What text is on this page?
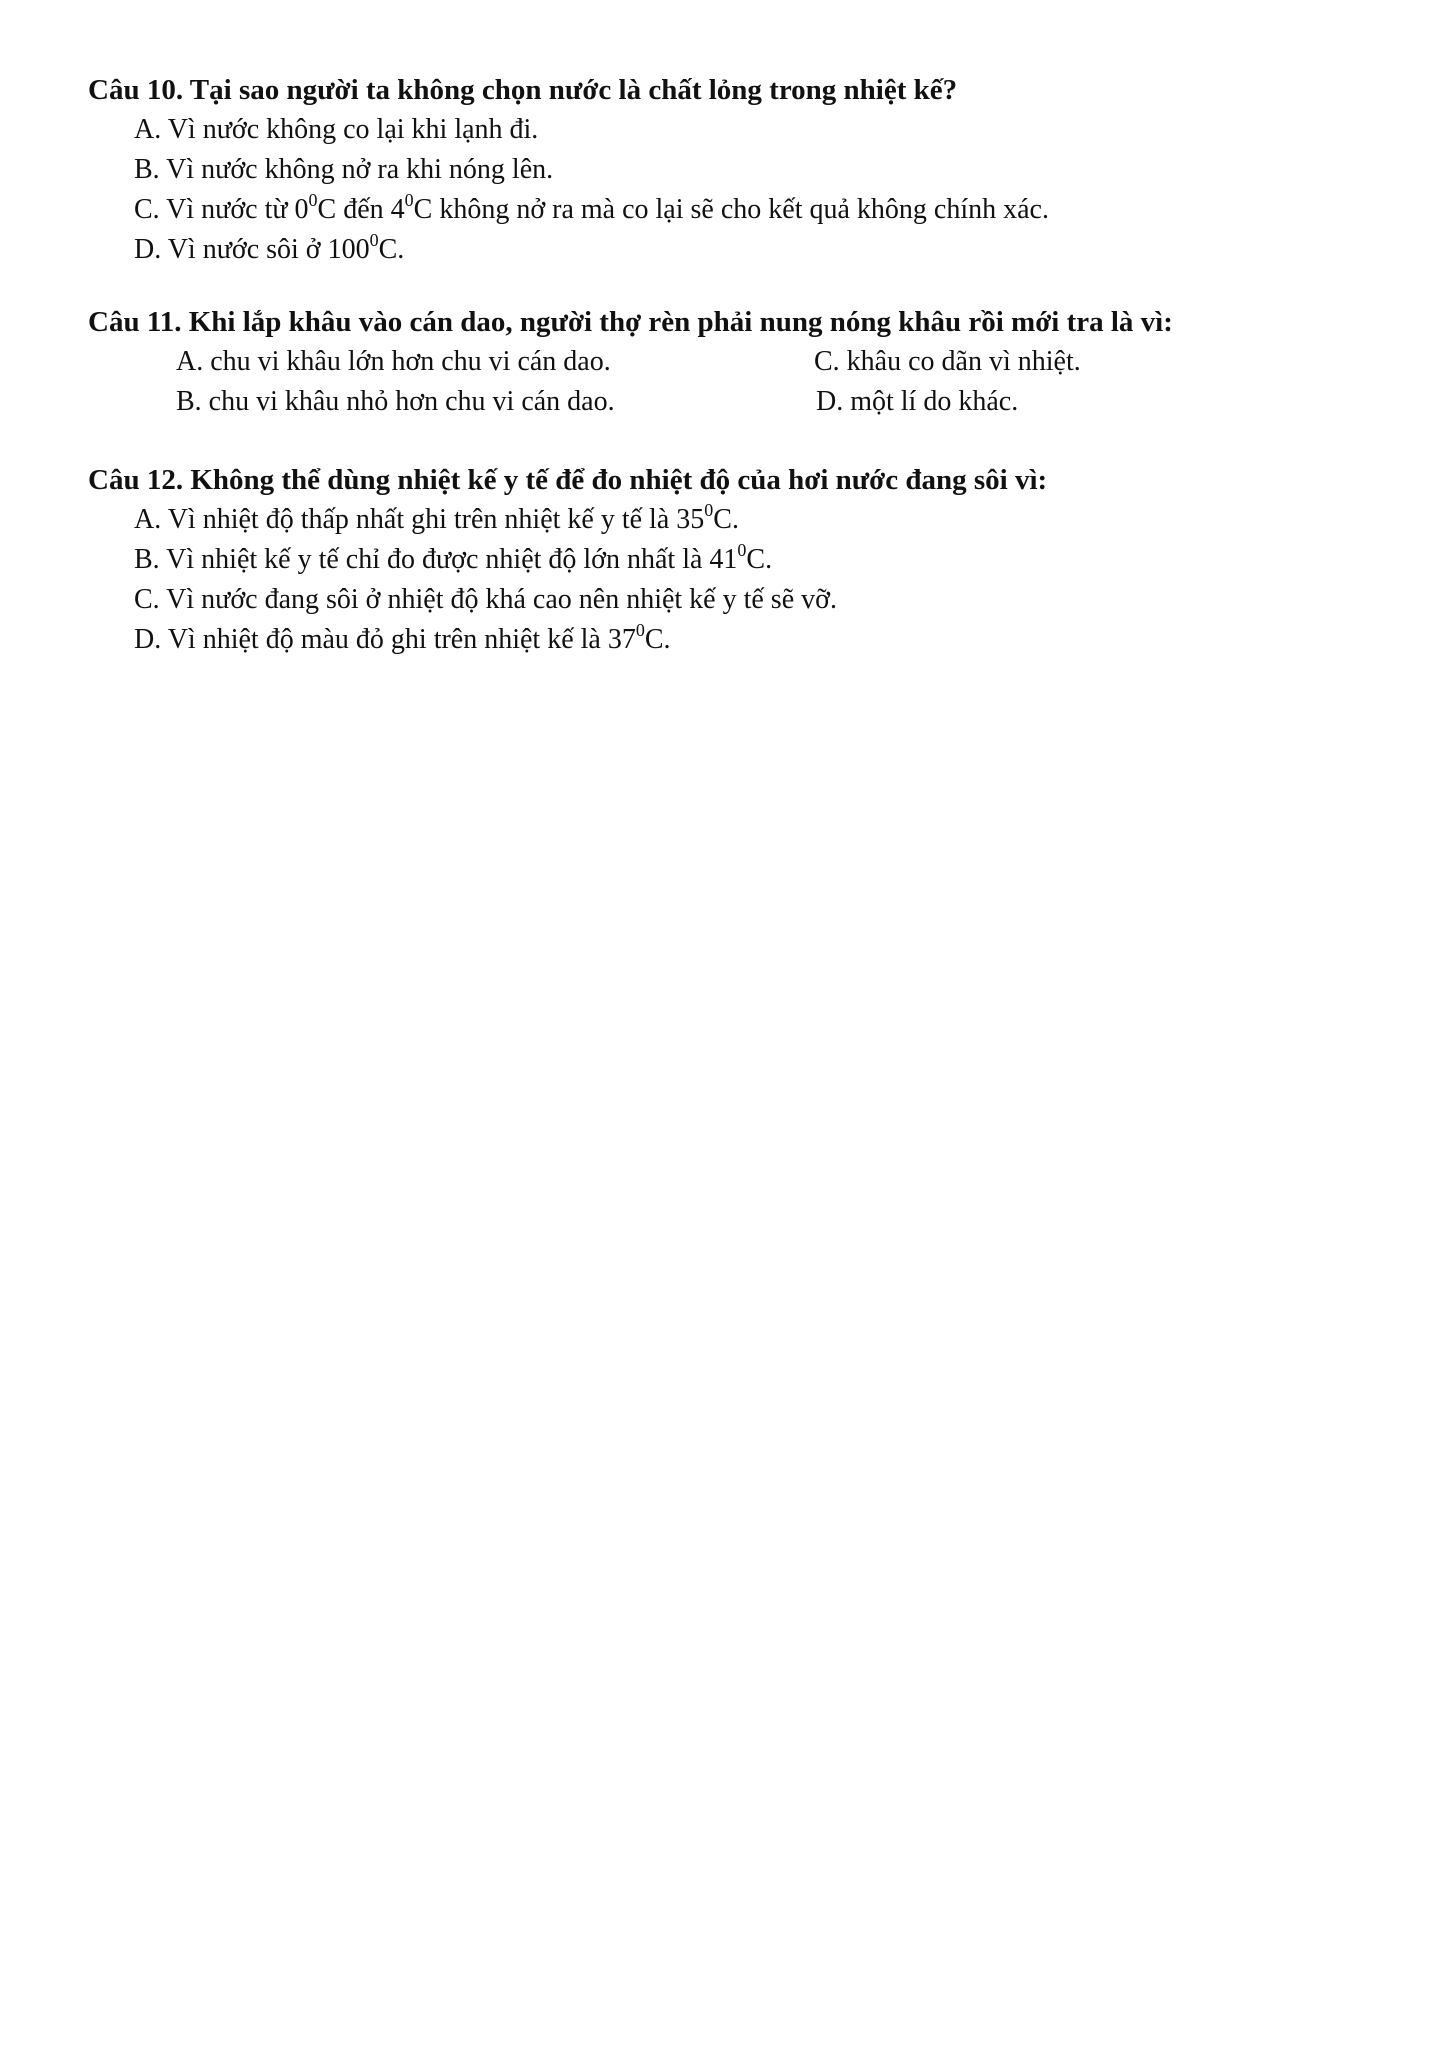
Câu 10. Tại sao người ta không chọn nước là chất lỏng trong nhiệt kế?
A. Vì nước không co lại khi lạnh đi.
B. Vì nước không nở ra khi nóng lên.
C. Vì nước từ $0^0C$ đến $4^0C$ không nở ra mà co lại sẽ cho kết quả không chính xác.
D. Vì nước sôi ở $100^0C$.
Câu 11. Khi lắp khâu vào cán dao, người thợ rèn phải nung nóng khâu rồi mới tra là vì:
A. chu vi khâu lớn hơn chu vi cán dao.	C. khâu co dãn vì nhiệt.
B. chu vi khâu nhỏ hơn chu vi cán dao.	D. một lí do khác.
Câu 12. Không thể dùng nhiệt kế y tế để đo nhiệt độ của hơi nước đang sôi vì:
A. Vì nhiệt độ thấp nhất ghi trên nhiệt kế y tế là $35^0C$.
B. Vì nhiệt kế y tế chỉ đo được nhiệt độ lớn nhất là $41^0C$.
C. Vì nước đang sôi ở nhiệt độ khá cao nên nhiệt kế y tế sẽ vỡ.
D. Vì nhiệt độ màu đỏ ghi trên nhiệt kế là $37^0C$.
